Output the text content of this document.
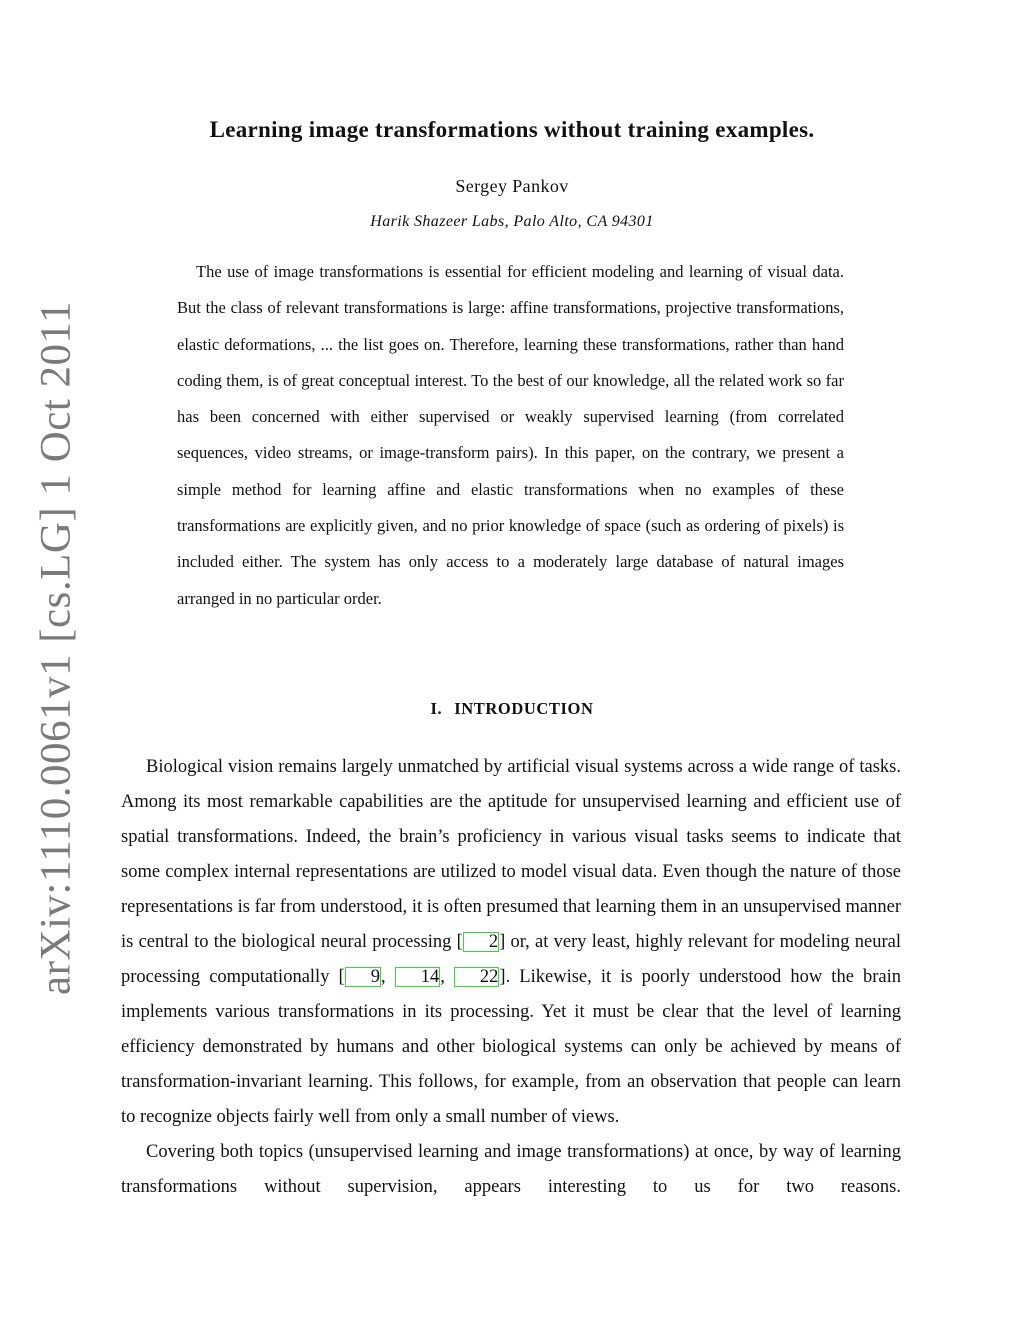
arXiv:1110.0061v1 [cs.LG] 1 Oct 2011
Learning image transformations without training examples.
Sergey Pankov
Harik Shazeer Labs, Palo Alto, CA 94301

The use of image transformations is essential for efficient modeling and learning of visual data. But the class of relevant transformations is large: affine transformations, projective transformations, elastic deformations, ... the list goes on. Therefore, learning these transformations, rather than hand coding them, is of great conceptual interest. To the best of our knowledge, all the related work so far has been concerned with either supervised or weakly supervised learning (from correlated sequences, video streams, or image-transform pairs). In this paper, on the contrary, we present a simple method for learning affine and elastic transformations when no examples of these transformations are explicitly given, and no prior knowledge of space (such as ordering of pixels) is included either. The system has only access to a moderately large database of natural images arranged in no particular order.

I. INTRODUCTION

Biological vision remains largely unmatched by artificial visual systems across a wide range of tasks. Among its most remarkable capabilities are the aptitude for unsupervised learning and efficient use of spatial transformations. Indeed, the brain’s proficiency in various visual tasks seems to indicate that some complex internal representations are utilized to model visual data. Even though the nature of those representations is far from understood, it is often presumed that learning them in an unsupervised manner is central to the biological neural processing [ 2] or, at very least, highly relevant for modeling neural processing computationally [ 9, 14, 22]. Likewise, it is poorly understood how the brain implements various transformations in its processing. Yet it must be clear that the level of learning efficiency demonstrated by humans and other biological systems can only be achieved by means of transformation-invariant learning. This follows, for example, from an observation that people can learn to recognize objects fairly well from only a small number of views.

Covering both topics (unsupervised learning and image transformations) at once, by way of learning transformations without supervision, appears interesting to us for two reasons.
